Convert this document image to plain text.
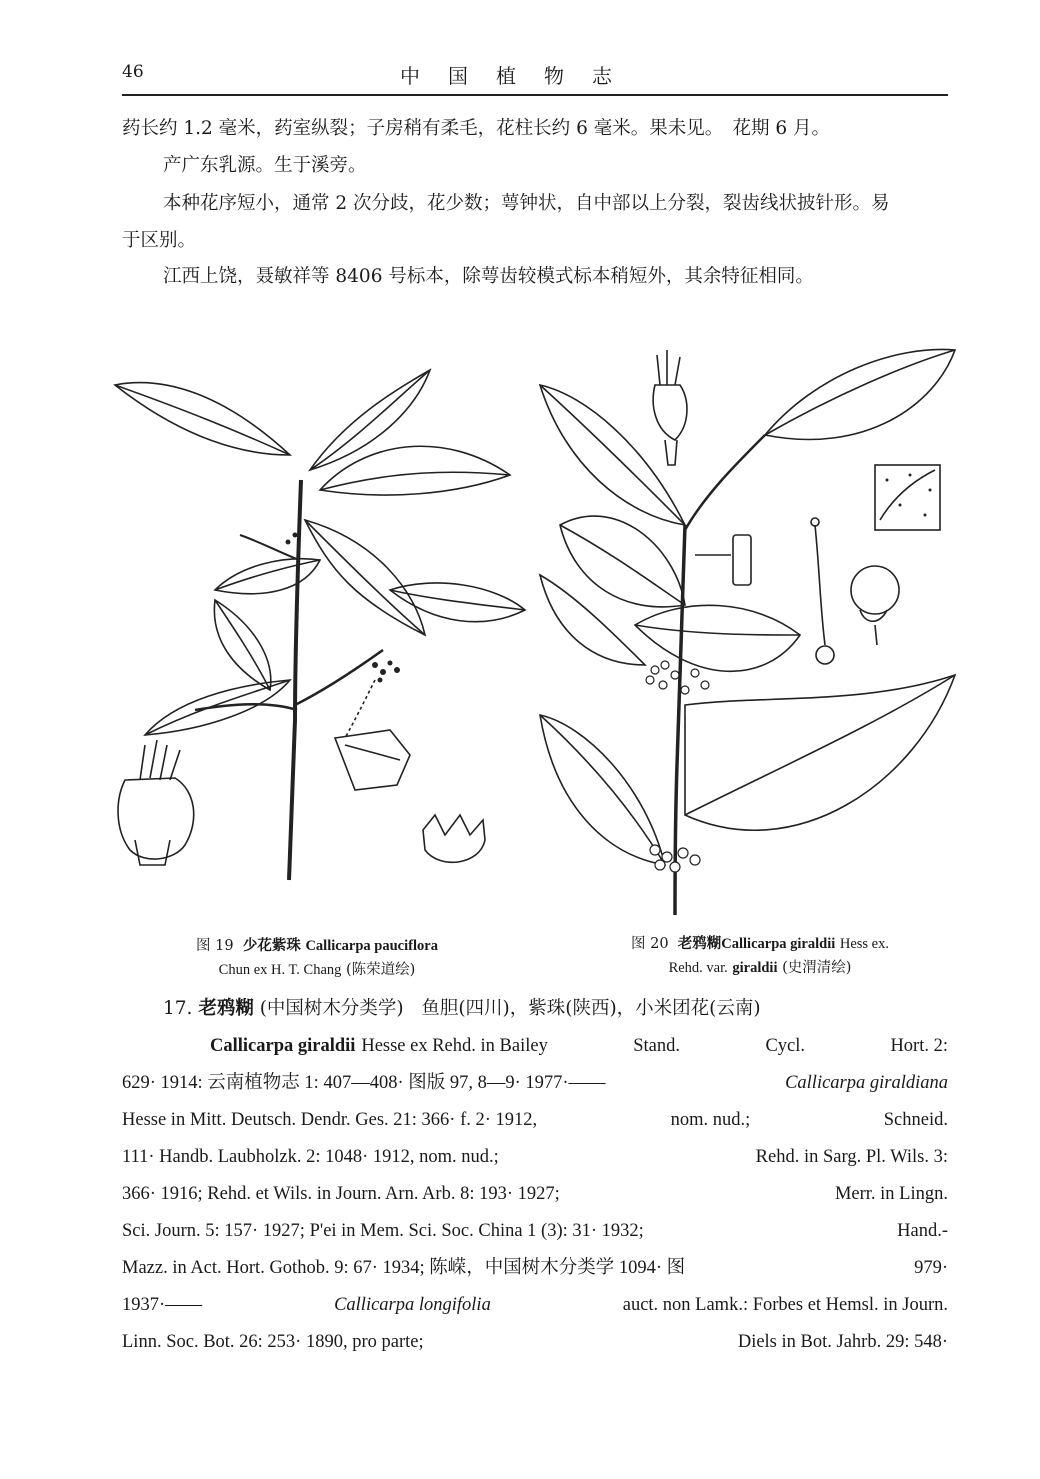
46	中国植物志
药长约 1.2 毫米，药室纵裂；子房稍有柔毛，花柱长约 6 毫米。果未见。　花期 6 月。
产广东乳源。生于溪旁。
本种花序短小，通常 2 次分歧，花少数；萼钟状，自中部以上分裂，裂齿线状披针形。易
于区别。
江西上饶，聂敏祥等 8406 号标本，除萼齿较模式标本稍短外，其余特征相同。
图 19 少花紫珠 Callicarpa pauciflora
Chun ex H. T. Chang (陈荣道绘)
图 20 老鸦糊Callicarpa giraldii Hess ex.
Rehd. var. giraldii (史渭清绘)
17. 老鸦糊 (中国树木分类学) 鱼胆(四川)，紫珠(陕西)，小米团花(云南)
Callicarpa giraldii Hesse ex Rehd. in Bailey	Stand.	Cycl.	Hort. 2:
629· 1914: 云南植物志 1: 407—408· 图版 97, 8—9· 1977·——	Callicarpa giraldiana
Hesse in Mitt. Deutsch. Dendr. Ges. 21: 366· f. 2· 1912,	nom. nud.;	Schneid.
111· Handb. Laubholzk. 2: 1048· 1912, nom. nud.;	Rehd. in Sarg. Pl. Wils. 3:
366· 1916; Rehd. et Wils. in Journ. Arn. Arb. 8: 193· 1927;	Merr. in Lingn.
Sci. Journ. 5: 157· 1927; P'ei in Mem. Sci. Soc. China 1 (3): 31· 1932;	Hand.-
Mazz. in Act. Hort. Gothob. 9: 67· 1934; 陈嵘，中国树木分类学 1094· 图	979·
1937·——	Callicarpa longifolia	auct. non Lamk.: Forbes et Hemsl. in Journ.
Linn. Soc. Bot. 26: 253· 1890, pro parte;	Diels in Bot. Jahrb. 29: 548·
